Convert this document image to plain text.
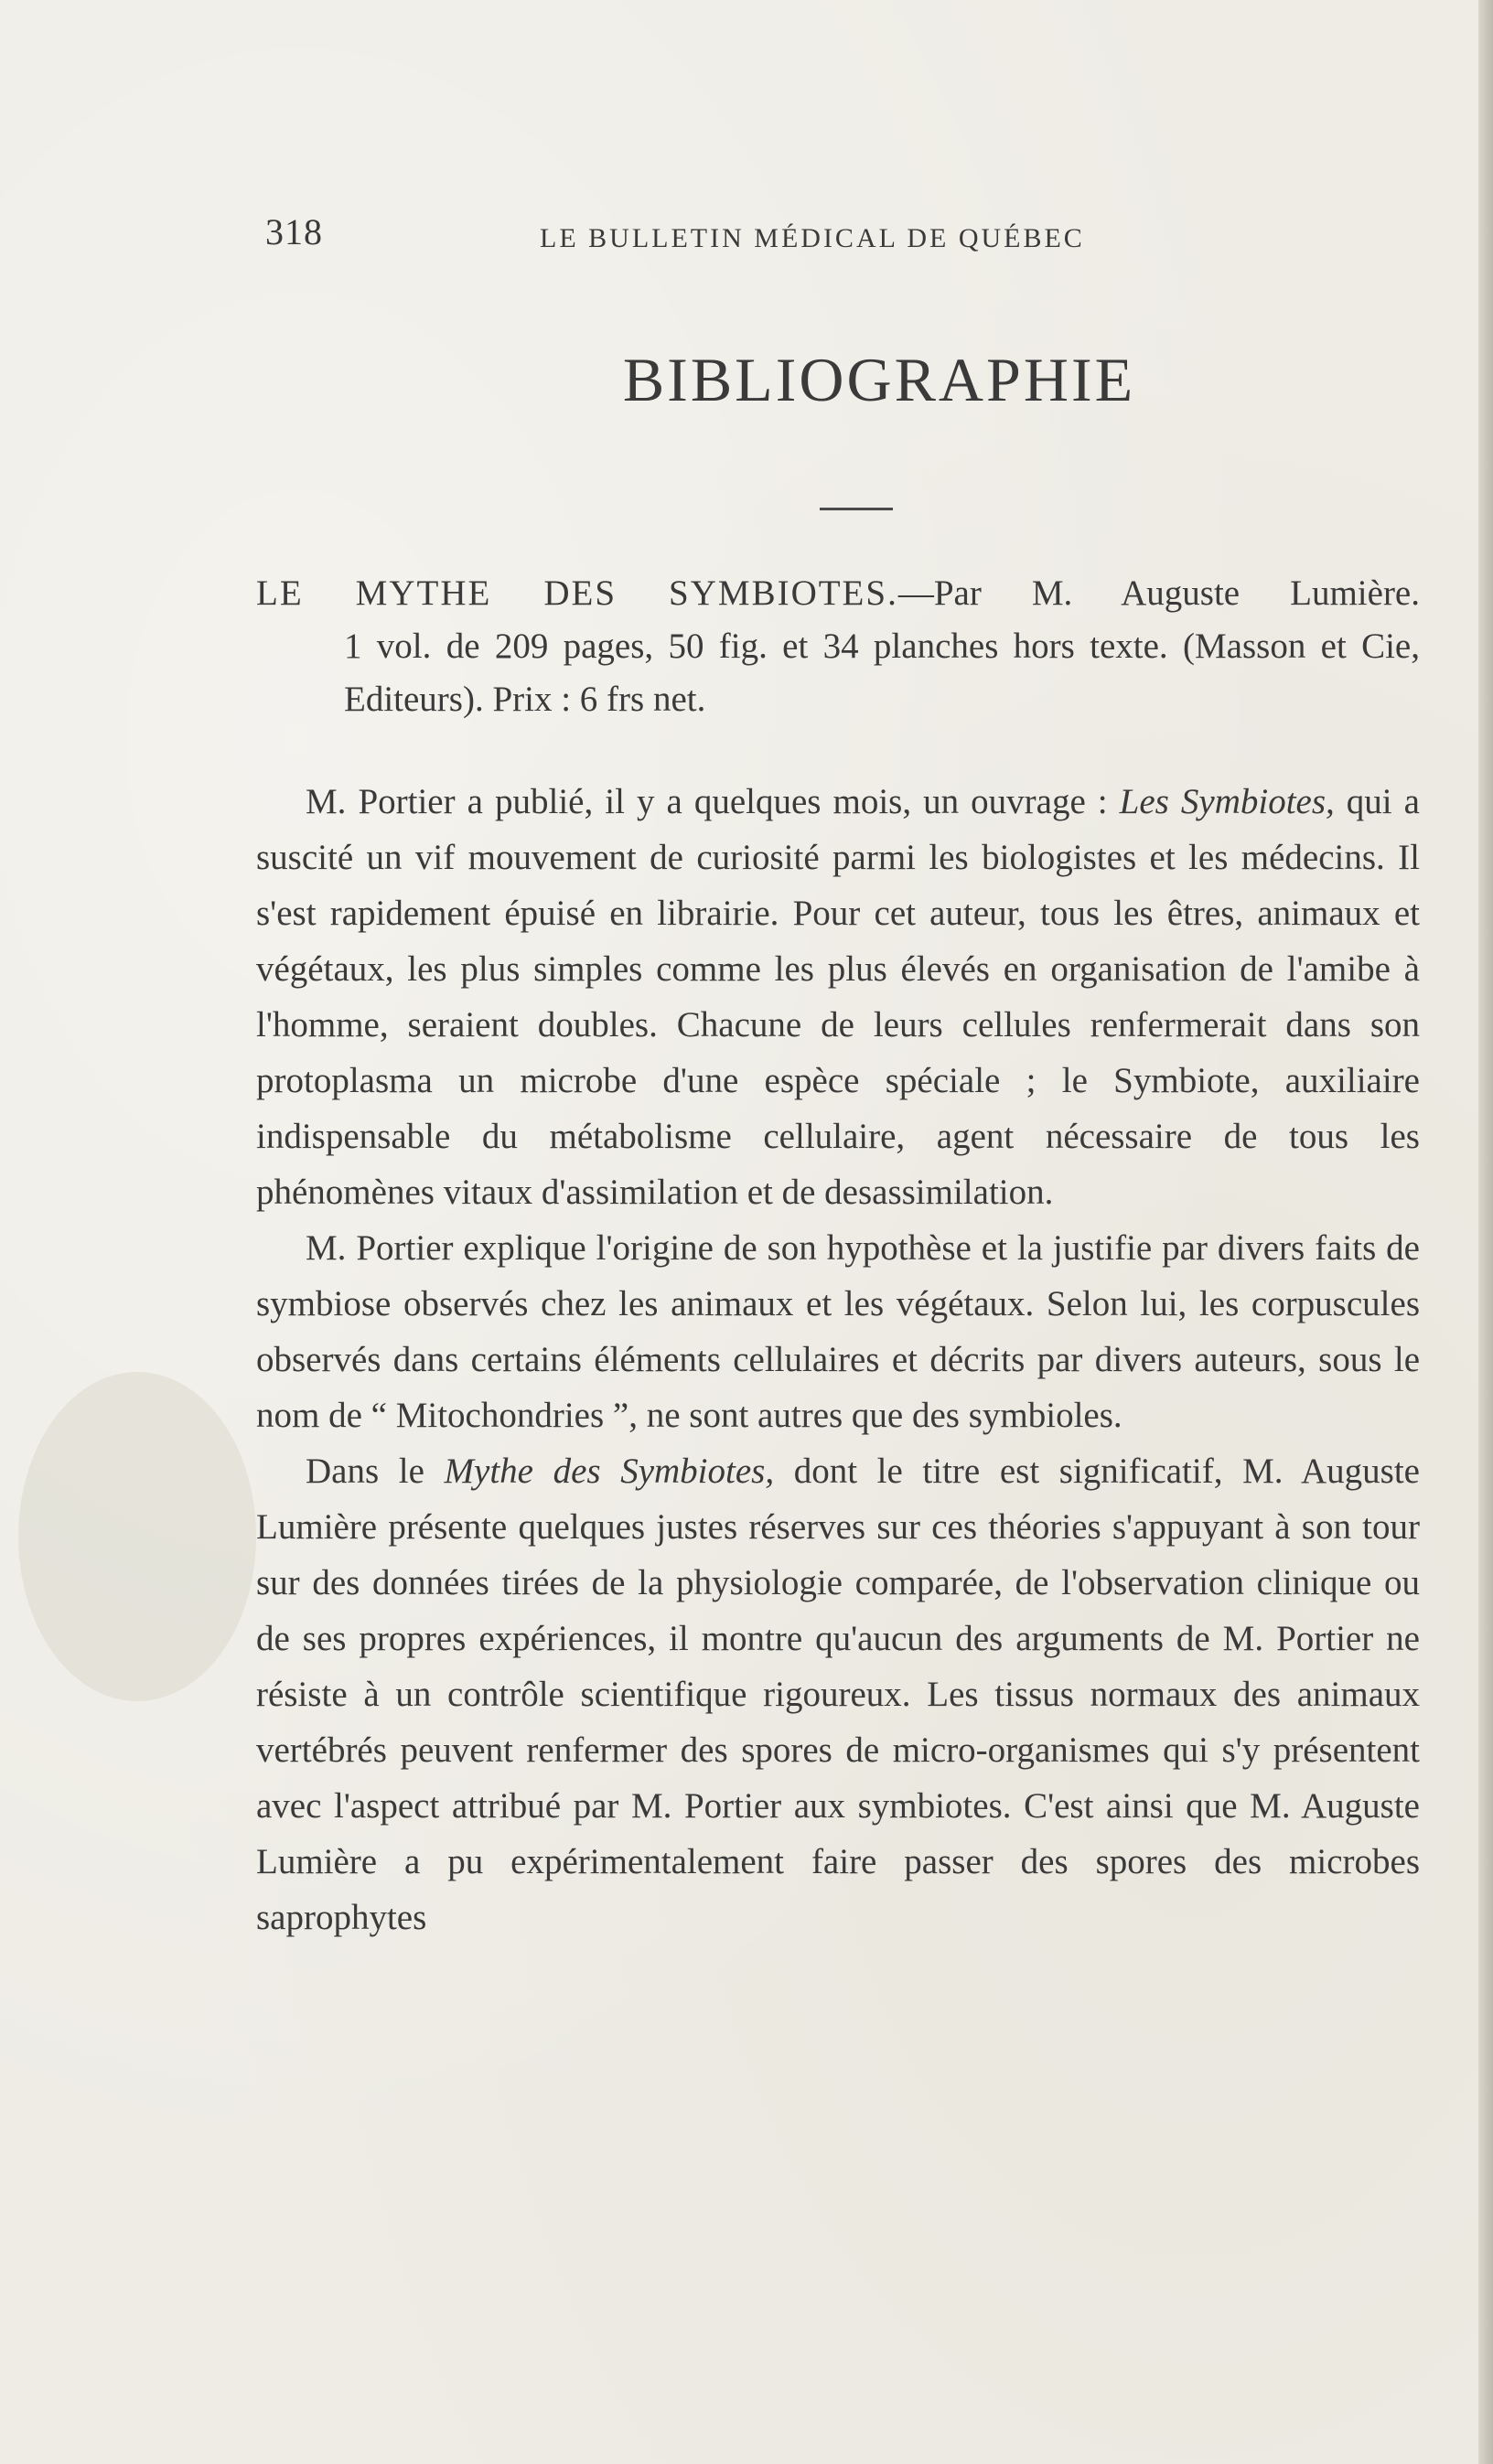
318	LE BULLETIN MÉDICAL DE QUÉBEC
BIBLIOGRAPHIE
LE MYTHE DES SYMBIOTES.—Par M. Auguste Lumière.
1 vol. de 209 pages, 50 fig. et 34 planches hors texte. (Masson et Cie, Editeurs). Prix : 6 frs net.

M. Portier a publié, il y a quelques mois, un ouvrage : Les Symbiotes, qui a suscité un vif mouvement de curiosité parmi les biologistes et les médecins. Il s'est rapidement épuisé en librairie. Pour cet auteur, tous les êtres, animaux et végétaux, les plus simples comme les plus élevés en organisation de l'amibe à l'homme, seraient doubles. Chacune de leurs cellules renfermerait dans son protoplasma un microbe d'une espèce spéciale ; le Symbiote, auxiliaire indispensable du métabolisme cellulaire, agent nécessaire de tous les phénomènes vitaux d'assimilation et de desassimilation.

M. Portier explique l'origine de son hypothèse et la justifie par divers faits de symbiose observés chez les animaux et les végétaux. Selon lui, les corpuscules observés dans certains éléments cellulaires et décrits par divers auteurs, sous le nom de “ Mitochondries ”, ne sont autres que des symbioles.

Dans le Mythe des Symbiotes, dont le titre est significatif, M. Auguste Lumière présente quelques justes réserves sur ces théories s'appuyant à son tour sur des données tirées de la physiologie comparée, de l'observation clinique ou de ses propres expériences, il montre qu'aucun des arguments de M. Portier ne résiste à un contrôle scientifique rigoureux. Les tissus normaux des animaux vertébrés peuvent renfermer des spores de micro-organismes qui s'y présentent avec l'aspect attribué par M. Portier aux symbiotes. C'est ainsi que M. Auguste Lumière a pu expérimentalement faire passer des spores des microbes saprophytes
